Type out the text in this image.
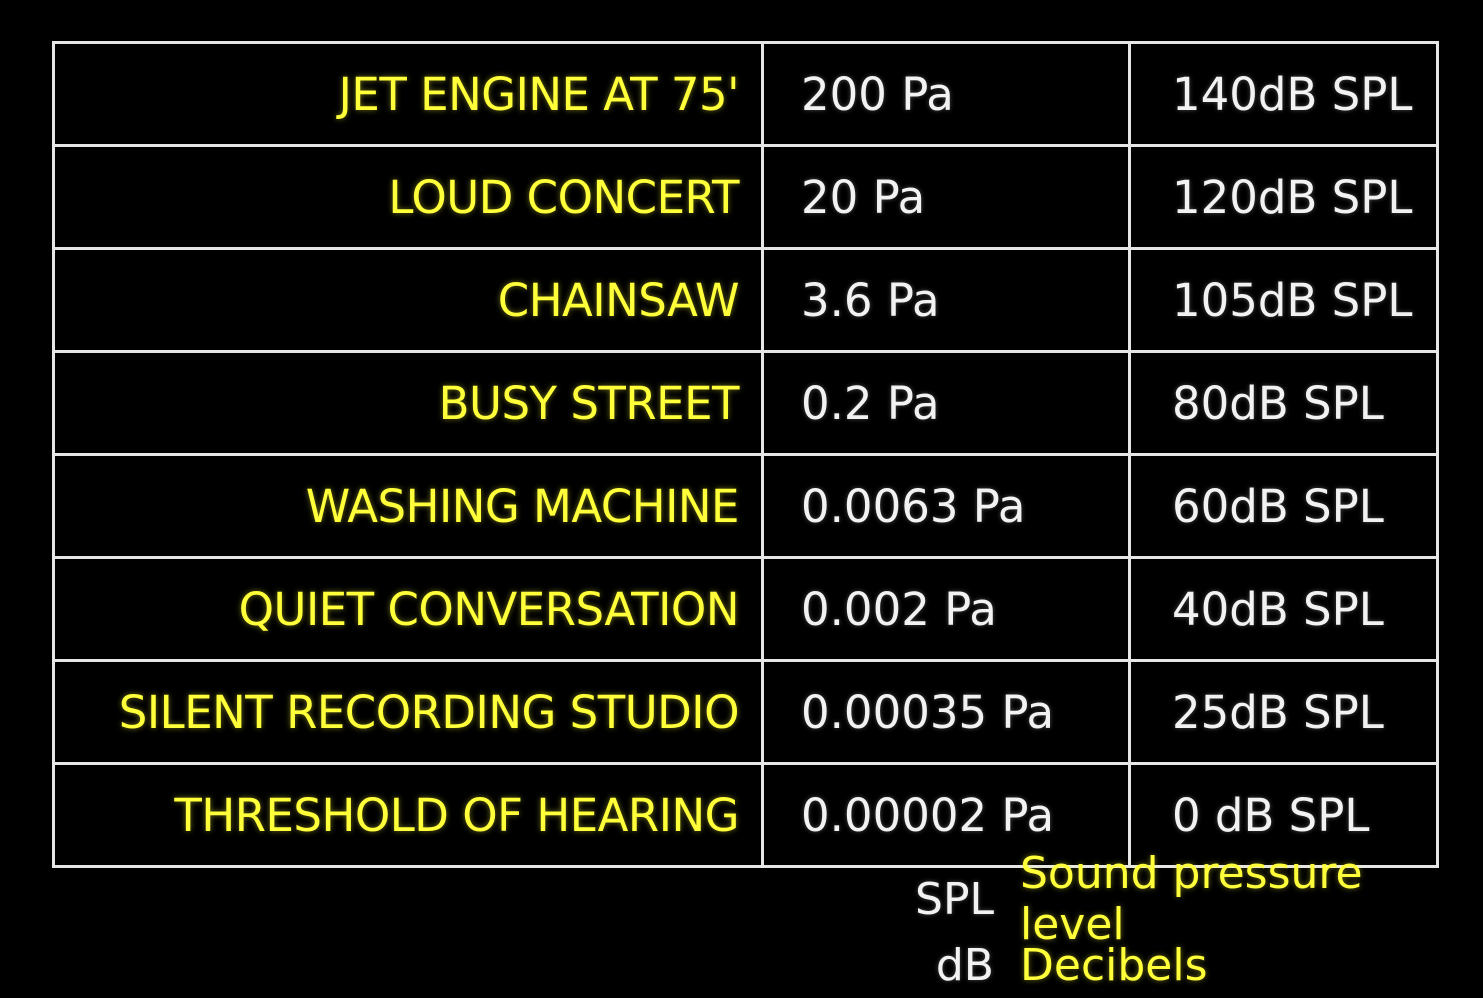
JET ENGINE AT 75'	200 Pa	140dB SPL
LOUD CONCERT	20 Pa	120dB SPL
CHAINSAW	3.6 Pa	105dB SPL
BUSY STREET	0.2 Pa	80dB SPL
WASHING MACHINE	0.0063 Pa	60dB SPL
QUIET CONVERSATION	0.002 Pa	40dB SPL
SILENT RECORDING STUDIO	0.00035 Pa	25dB SPL
THRESHOLD OF HEARING	0.00002 Pa	0 dB SPL
SPL Sound pressure level
dB Decibels
